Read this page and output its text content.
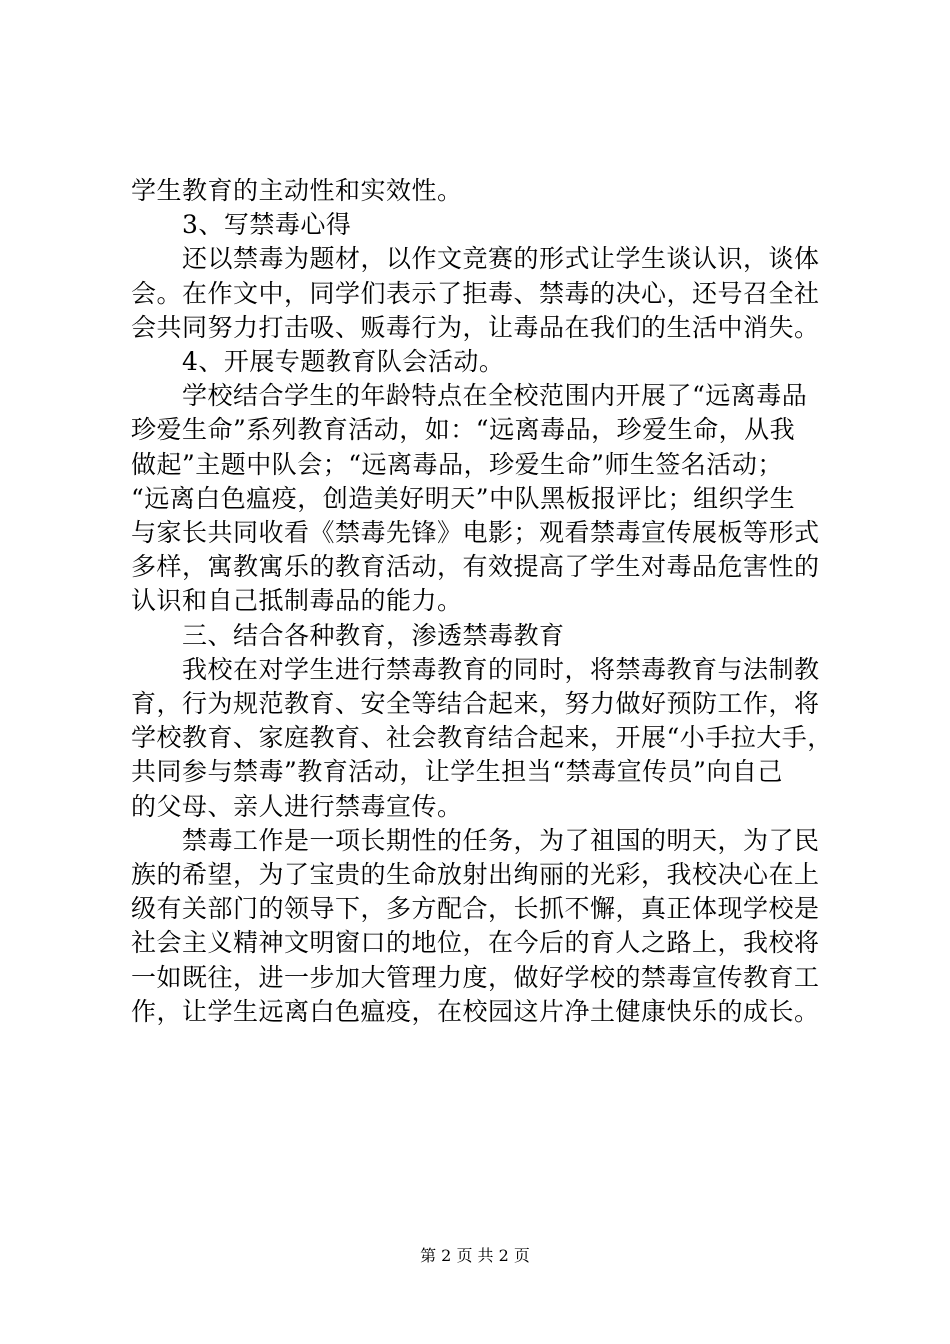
学生教育的主动性和实效性。
　　3、写禁毒心得
　　还以禁毒为题材，以作文竞赛的形式让学生谈认识，谈体
会。在作文中，同学们表示了拒毒、禁毒的决心，还号召全社
会共同努力打击吸、贩毒行为，让毒品在我们的生活中消失。
　　4、开展专题教育队会活动。
　　学校结合学生的年龄特点在全校范围内开展了“远离毒品
珍爱生命”系列教育活动，如：“远离毒品，珍爱生命，从我
做起”主题中队会；“远离毒品，珍爱生命”师生签名活动；
“远离白色瘟疫，创造美好明天”中队黑板报评比；组织学生
与家长共同收看《禁毒先锋》电影；观看禁毒宣传展板等形式
多样，寓教寓乐的教育活动，有效提高了学生对毒品危害性的
认识和自己抵制毒品的能力。
　　三、结合各种教育，渗透禁毒教育
　　我校在对学生进行禁毒教育的同时，将禁毒教育与法制教
育，行为规范教育、安全等结合起来，努力做好预防工作，将
学校教育、家庭教育、社会教育结合起来，开展“小手拉大手，
共同参与禁毒”教育活动，让学生担当“禁毒宣传员”向自己
的父母、亲人进行禁毒宣传。
　　禁毒工作是一项长期性的任务，为了祖国的明天，为了民
族的希望，为了宝贵的生命放射出绚丽的光彩，我校决心在上
级有关部门的领导下，多方配合，长抓不懈，真正体现学校是
社会主义精神文明窗口的地位，在今后的育人之路上，我校将
一如既往，进一步加大管理力度，做好学校的禁毒宣传教育工
作，让学生远离白色瘟疫，在校园这片净土健康快乐的成长。
第 2 页 共 2 页
